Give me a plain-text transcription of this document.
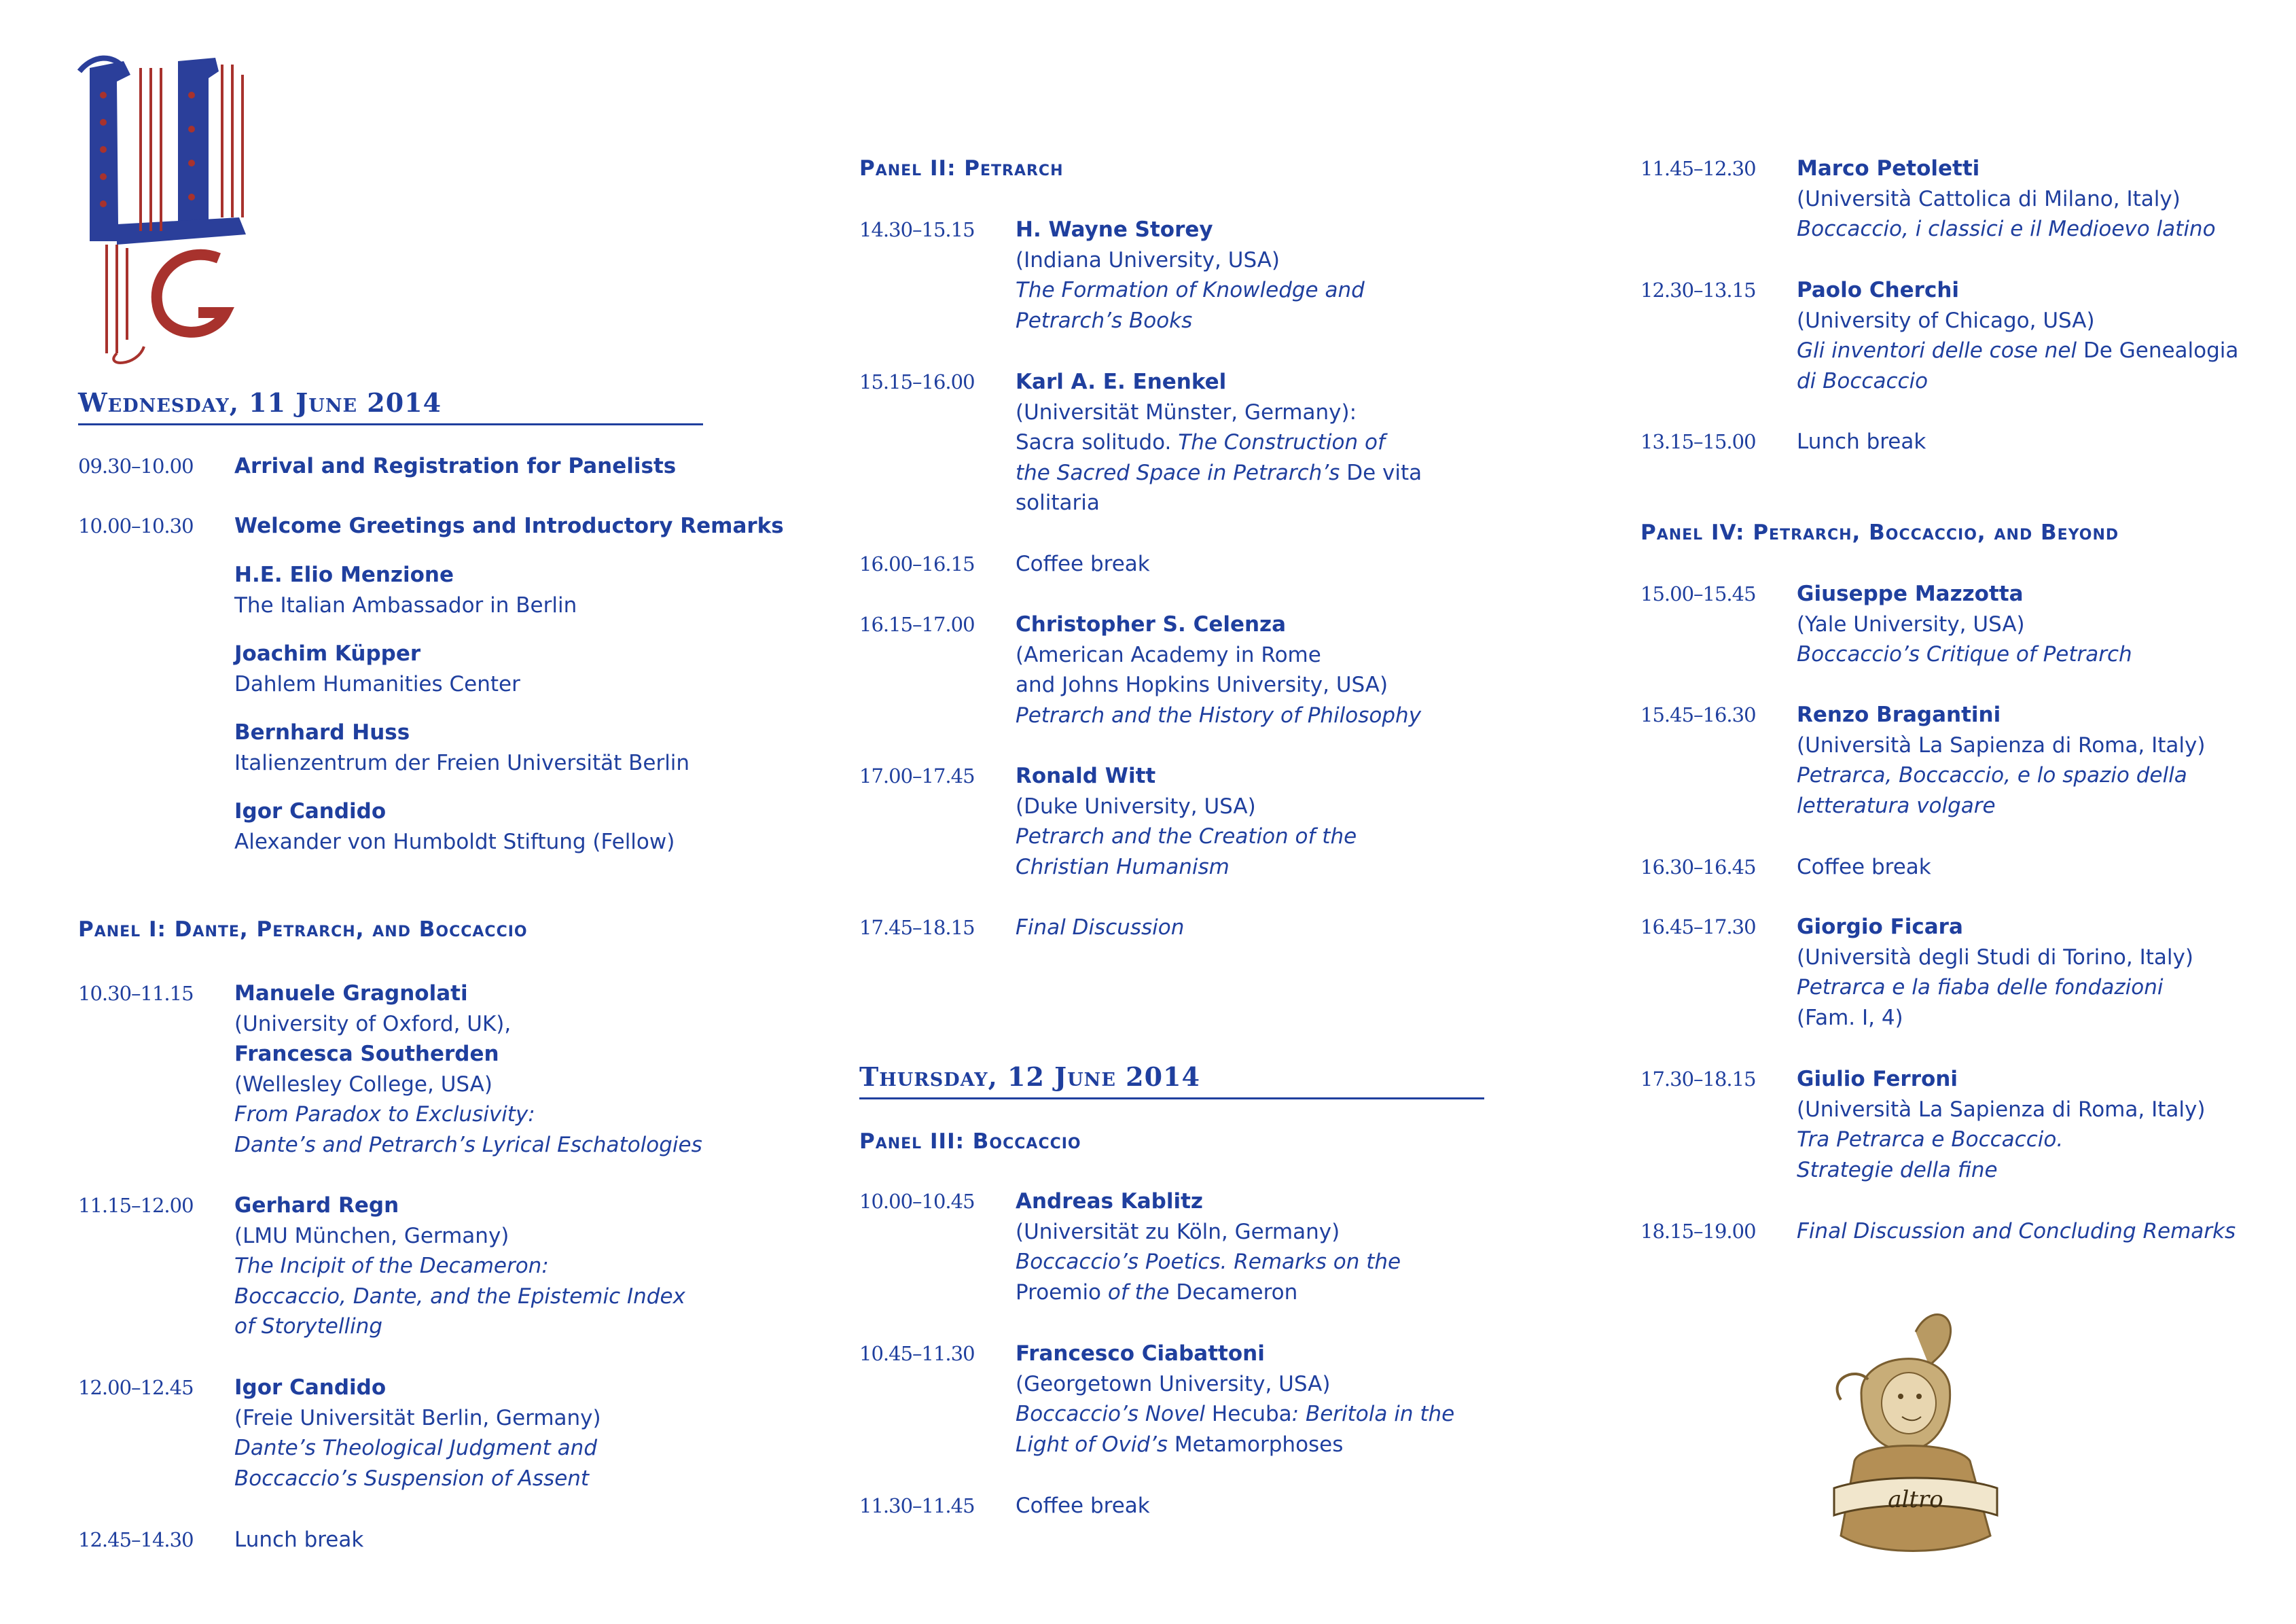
Wednesday, 11 June 2014
09.30–10.00	Arrival and Registration for Panelists
10.00–10.30	Welcome Greetings and Introductory Remarks
H.E. Elio Menzione
The Italian Ambassador in Berlin
Joachim Küpper
Dahlem Humanities Center
Bernhard Huss
Italienzentrum der Freien Universität Berlin
Igor Candido
Alexander von Humboldt Stiftung (Fellow)
Panel I: Dante, Petrarch, and Boccaccio
10.30–11.15	Manuele Gragnolati
(University of Oxford, UK),
Francesca Southerden
(Wellesley College, USA)
From Paradox to Exclusivity:
Dante’s and Petrarch’s Lyrical Eschatologies
11.15–12.00	Gerhard Regn
(LMU München, Germany)
The Incipit of the Decameron:
Boccaccio, Dante, and the Epistemic Index
of Storytelling
12.00–12.45	Igor Candido
(Freie Universität Berlin, Germany)
Dante’s Theological Judgment and
Boccaccio’s Suspension of Assent
12.45–14.30	Lunch break
Panel II: Petrarch
14.30–15.15	H. Wayne Storey
(Indiana University, USA)
The Formation of Knowledge and
Petrarch’s Books
15.15–16.00	Karl A. E. Enenkel
(Universität Münster, Germany):
Sacra solitudo. The Construction of
the Sacred Space in Petrarch’s De vita
solitaria
16.00–16.15	Coffee break
16.15–17.00	Christopher S. Celenza
(American Academy in Rome
and Johns Hopkins University, USA)
Petrarch and the History of Philosophy
17.00–17.45	Ronald Witt
(Duke University, USA)
Petrarch and the Creation of the
Christian Humanism
17.45–18.15	Final Discussion
Thursday, 12 June 2014
Panel III: Boccaccio
10.00–10.45	Andreas Kablitz
(Universität zu Köln, Germany)
Boccaccio’s Poetics. Remarks on the
Proemio of the Decameron
10.45–11.30	Francesco Ciabattoni
(Georgetown University, USA)
Boccaccio’s Novel Hecuba: Beritola in the
Light of Ovid’s Metamorphoses
11.30–11.45	Coffee break
11.45–12.30	Marco Petoletti
(Università Cattolica di Milano, Italy)
Boccaccio, i classici e il Medioevo latino
12.30–13.15	Paolo Cherchi
(University of Chicago, USA)
Gli inventori delle cose nel De Genealogia
di Boccaccio
13.15–15.00	Lunch break
Panel IV: Petrarch, Boccaccio, and Beyond
15.00–15.45	Giuseppe Mazzotta
(Yale University, USA)
Boccaccio’s Critique of Petrarch
15.45–16.30	Renzo Bragantini
(Università La Sapienza di Roma, Italy)
Petrarca, Boccaccio, e lo spazio della
letteratura volgare
16.30–16.45	Coffee break
16.45–17.30	Giorgio Ficara
(Università degli Studi di Torino, Italy)
Petrarca e la fiaba delle fondazioni
(Fam. I, 4)
17.30–18.15	Giulio Ferroni
(Università La Sapienza di Roma, Italy)
Tra Petrarca e Boccaccio.
Strategie della fine
18.15–19.00	Final Discussion and Concluding Remarks
altro
